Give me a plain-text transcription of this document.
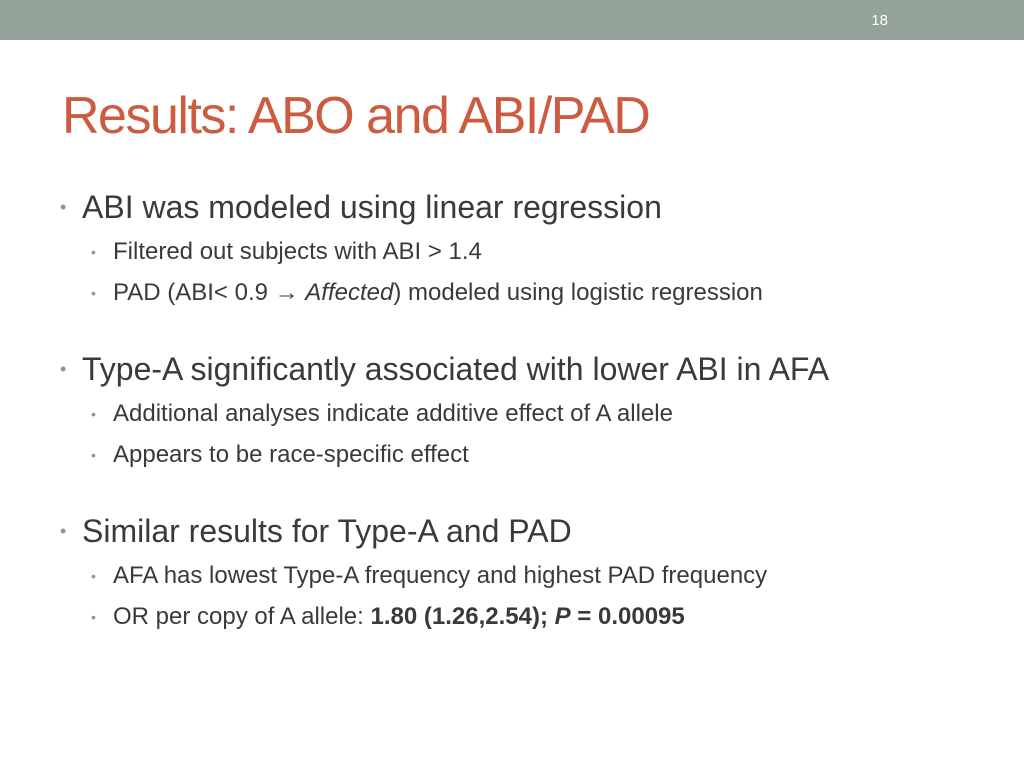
18
Results: ABO and ABI/PAD
• ABI was modeled using linear regression
• Filtered out subjects with ABI > 1.4
• PAD (ABI< 0.9 → Affected) modeled using logistic regression
• Type-A significantly associated with lower ABI in AFA
• Additional analyses indicate additive effect of A allele
• Appears to be race-specific effect
• Similar results for Type-A and PAD
• AFA has lowest Type-A frequency and highest PAD frequency
• OR per copy of A allele: 1.80 (1.26,2.54); P = 0.00095
